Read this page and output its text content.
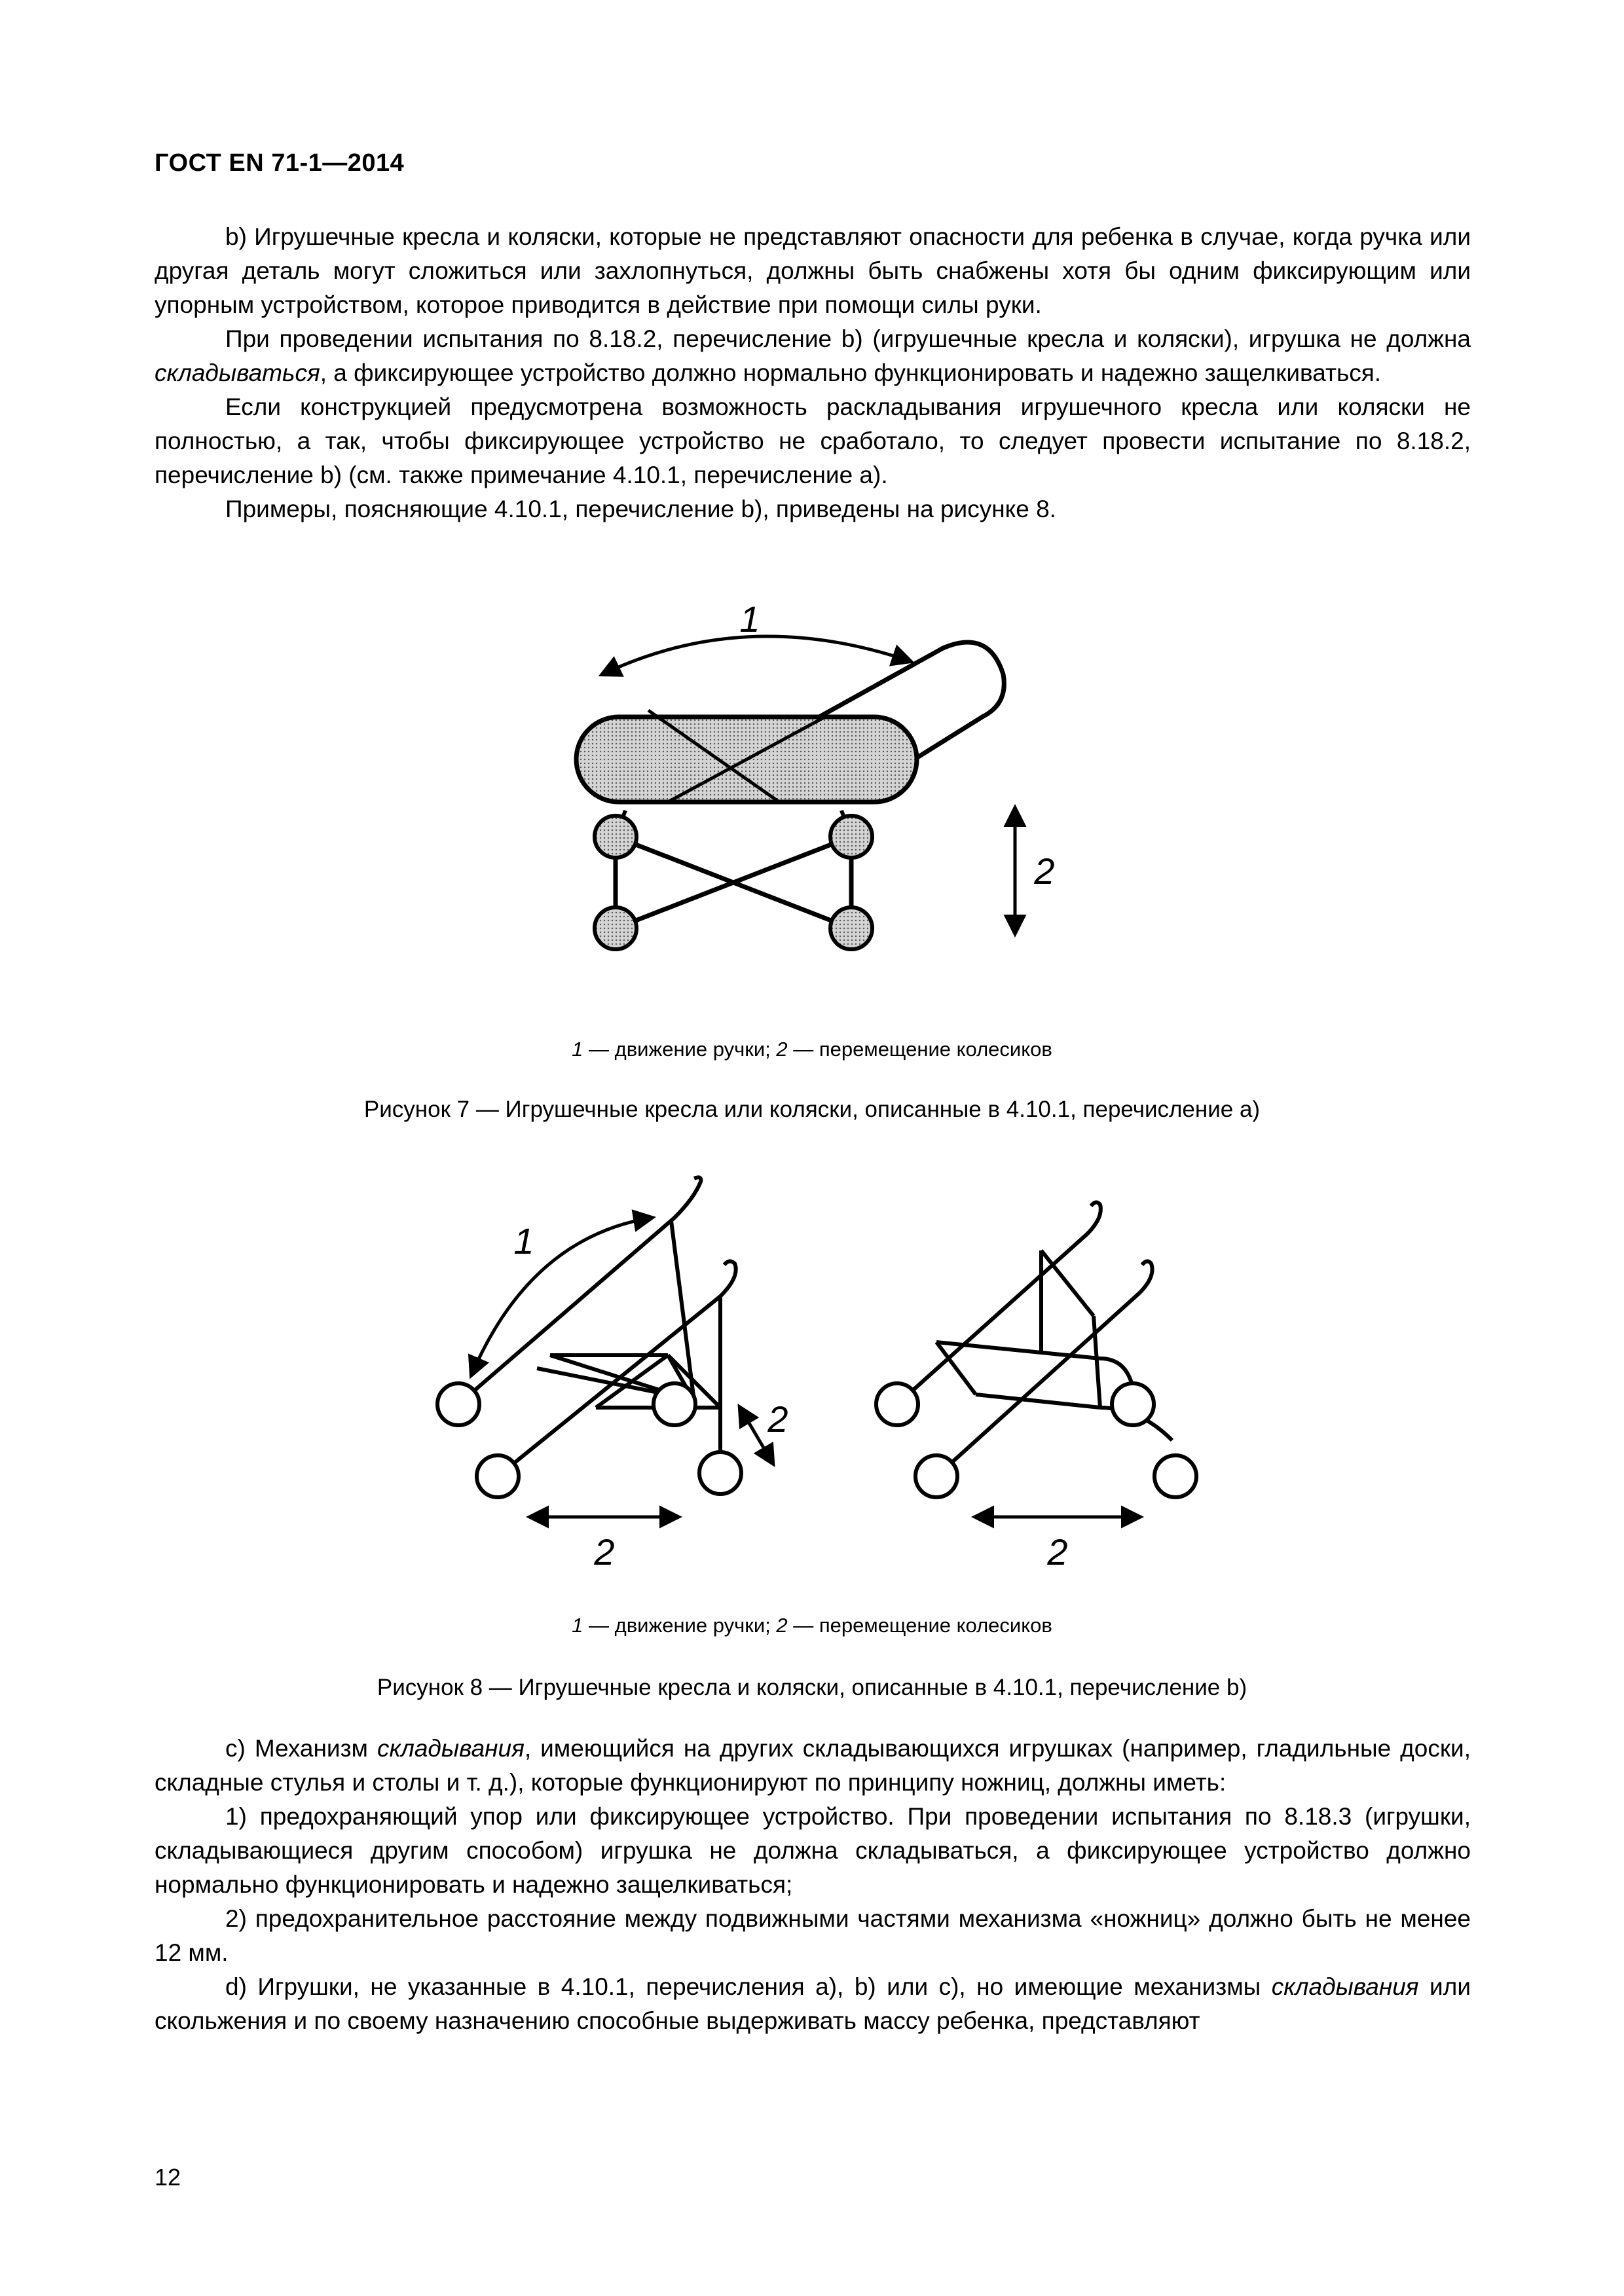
ГОСТ EN 71-1—2014

b) Игрушечные кресла и коляски, которые не представляют опасности для ребенка в случае, когда ручка или другая деталь могут сложиться или захлопнуться, должны быть снабжены хотя бы одним фиксирующим или упорным устройством, которое приводится в действие при помощи силы руки.

При проведении испытания по 8.18.2, перечисление b) (игрушечные кресла и коляски), игрушка не должна складываться, а фиксирующее устройство должно нормально функционировать и надежно защелкиваться.

Если конструкцией предусмотрена возможность раскладывания игрушечного кресла или коляски не полностью, а так, чтобы фиксирующее устройство не сработало, то следует провести испытание по 8.18.2, перечисление b) (см. также примечание 4.10.1, перечисление а).

Примеры, поясняющие 4.10.1, перечисление b), приведены на рисунке 8.

1
2
1 — движение ручки; 2 — перемещение колесиков
Рисунок 7 — Игрушечные кресла или коляски, описанные в 4.10.1, перечисление а)
1
2
2	2
1 — движение ручки; 2 — перемещение колесиков
Рисунок 8 — Игрушечные кресла и коляски, описанные в 4.10.1, перечисление b)

с) Механизм складывания, имеющийся на других складывающихся игрушках (например, гладильные доски, складные стулья и столы и т. д.), которые функционируют по принципу ножниц, должны иметь:

1) предохраняющий упор или фиксирующее устройство. При проведении испытания по 8.18.3 (игрушки, складывающиеся другим способом) игрушка не должна складываться, а фиксирующее устройство должно нормально функционировать и надежно защелкиваться;

2) предохранительное расстояние между подвижными частями механизма «ножниц» должно быть не менее 12 мм.

d) Игрушки, не указанные в 4.10.1, перечисления а), b) или с), но имеющие механизмы складывания или скольжения и по своему назначению способные выдерживать массу ребенка, представляют

12
